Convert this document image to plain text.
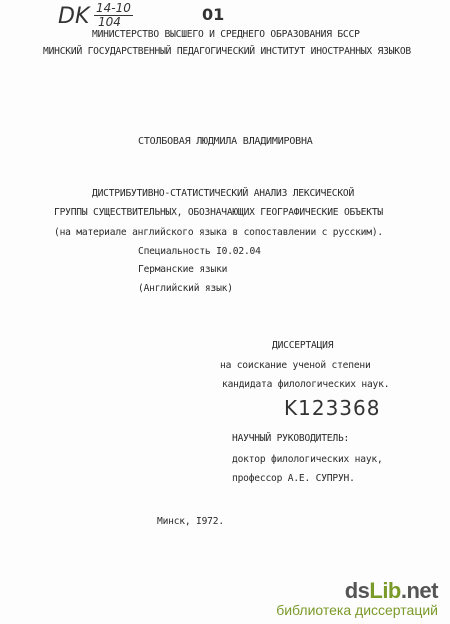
DK 14-10
104	01
МИНИСТЕРСТВО ВЫСШЕГО И СРЕДНЕГО ОБРАЗОВАНИЯ БССР
МИНСКИЙ ГОСУДАРСТВЕННЫЙ ПЕДАГОГИЧЕСКИЙ ИНСТИТУТ ИНОСТРАННЫХ ЯЗЫКОВ
СТОЛБОВАЯ ЛЮДМИЛА ВЛАДИМИРОВНА
ДИСТРИБУТИВНО-СТАТИСТИЧЕСКИЙ АНАЛИЗ ЛЕКСИЧЕСКОЙ
ГРУППЫ СУЩЕСТВИТЕЛЬНЫХ, ОБОЗНАЧАЮЩИХ ГЕОГРАФИЧЕСКИЕ ОБЪЕКТЫ
(на материале английского языка в сопоставлении с русским).
Специальность I0.02.04
Германские языки
(Английский язык)
ДИССЕРТАЦИЯ
на соискание ученой степени
кандидата филологических наук.
K123368
НАУЧНЫЙ РУКОВОДИТЕЛЬ:
доктор филологических наук,
профессор А.Е. СУПРУН.
Минск, I972.
dsLib.net
библиотека диссертаций
